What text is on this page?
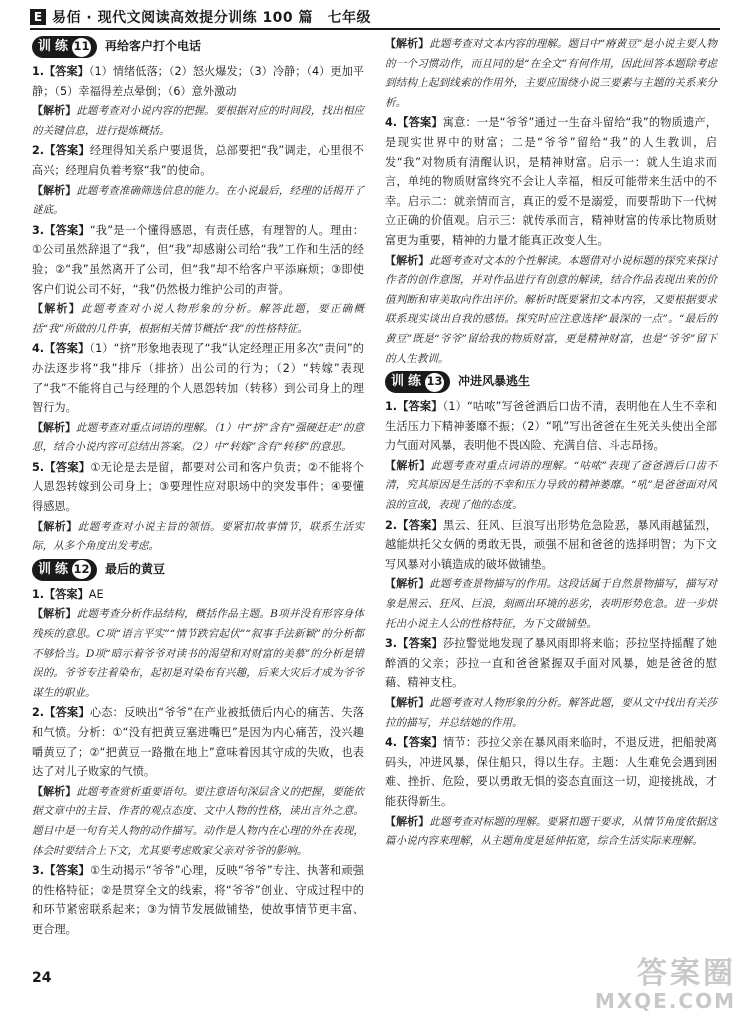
E 易佰 · 现代文阅读高效提分训练 100 篇　七年级
训 练 11 再给客户打个电话

1.【答案】（1）情绪低落；（2）怒火爆发；（3）冷静；（4）更加平静；（5）幸福得差点晕倒；（6）意外激动

【解析】此题考查对小说内容的把握。要根据对应的时间段，找出相应的关键信息，进行提炼概括。

2.【答案】经理得知关系户要退货，总部要把“我”调走，心里很不高兴；经理肩负着考察“我”的使命。

【解析】此题考查准确筛选信息的能力。在小说最后，经理的话揭开了谜底。

3.【答案】“我”是一个懂得感恩，有责任感，有理智的人。理由：①公司虽然辞退了“我”，但“我”却感谢公司给“我”工作和生活的经验；②“我”虽然离开了公司，但“我”却不给客户平添麻烦；③即使客户们说公司不好，“我”仍然极力维护公司的声誉。

【解析】此题考查对小说人物形象的分析。解答此题，要正确概括“我”所做的几件事，根据相关情节概括“我”的性格特征。

4.【答案】（1）“挤”形象地表现了“我”认定经理正用多次“责问”的办法逐步将“我”排斥（排挤）出公司的行为；（2）“转嫁”表现了“我”不能将自己与经理的个人恩怨转加（转移）到公司身上的理智行为。

【解析】此题考查对重点词语的理解。（1）中“挤”含有“强硬赶走”的意思，结合小说内容可总结出答案。（2）中“转嫁”含有“转移”的意思。

5.【答案】①无论是去是留，都要对公司和客户负责；②不能将个人恩怨转嫁到公司身上；③要理性应对职场中的突发事件；④要懂得感恩。

【解析】此题考查对小说主旨的领悟。要紧扣故事情节，联系生活实际，从多个角度出发考虑。

训 练 12 最后的黄豆

1.【答案】AE

【解析】此题考查分析作品结构，概括作品主题。B项并没有形容身体残疾的意思。C项“语言平实”“情节跌宕起伏”“叙事手法新颖”的分析都不够恰当。D项“暗示着爷爷对读书的渴望和对财富的美慕”的分析是错误的。爷爷专注着染布，起初是对染布有兴趣，后来大灾后才成为爷爷谋生的职业。

2.【答案】心态：反映出“爷爷”在产业被抵债后内心的痛苦、失落和气愤。分析：①“没有把黄豆塞进嘴巴”是因为内心痛苦，没兴趣嚼黄豆了；②“把黄豆一路撒在地上”意味着因其守成的失败，也表达了对儿子败家的气愤。

【解析】此题考查赏析重要语句。要注意语句深层含义的把握，要能依据文章中的主旨、作者的观点态度、文中人物的性格，读出言外之意。题目中是一句有关人物的动作描写。动作是人物内在心理的外在表现，体会时要结合上下文，尤其要考虑败家父亲对爷爷的影响。

3.【答案】①生动揭示“爷爷”心理，反映“爷爷”专注、执著和顽强的性格特征；②是贯穿全文的线索，将“爷爷”创业、守成过程中的和环节紧密联系起来；③为情节发展做铺垫，使故事情节更丰富、更合理。

【解析】此题考查对文本内容的理解。题目中“瘠黄豆”是小说主要人物的一个习惯动作，而且同的是“在全文”有何作用，因此回答本题除考虑到结构上起到线索的作用外，主要应围绕小说三要素与主题的关系来分析。

4.【答案】寓意：一是“爷爷”通过一生奋斗留给“我”的物质遗产，是现实世界中的财富；二是“爷爷”留给“我”的人生教训，启发“我”对物质有清醒认识，是精神财富。启示一：就人生追求而言，单纯的物质财富终究不会让人幸福，相反可能带来生活中的不幸。启示二：就亲情而言，真正的爱不是溺爱，而要帮助下一代树立正确的价值观。启示三：就传承而言，精神财富的传承比物质财富更为重要，精神的力量才能真正改变人生。

【解析】此题考查对文本的个性解读。本题借对小说标题的探究来探讨作者的创作意图，并对作品进行有创意的解读，结合作品表现出来的价值判断和审美取向作出评价。解析时既要紧扣文本内容，又要根据要求联系现实谈出自我的感悟。探究时应注意选择“最深的一点”。“最后的黄豆”既是“爷爷”留给我的物质财富，更是精神财富，也是“爷爷”留下的人生教训。

训 练 13 冲进风暴逃生

1.【答案】（1）“咕哝”写爸爸酒后口齿不清，表明他在人生不幸和生活压力下精神萎靡不振；（2）“吼”写出爸爸在生死关头使出全部力气面对风暴，表明他不畏凶险、充满自信、斗志昂扬。

【解析】此题考查对重点词语的理解。“咕哝”表现了爸爸酒后口齿不清，究其原因是生活的不幸和压力导致的精神萎靡。“吼”是爸爸面对风浪的宣战，表现了他的态度。

2.【答案】黑云、狂风、巨浪写出形势危急险恶，暴风雨越猛烈，越能烘托父女俩的勇敢无畏，顽强不屈和爸爸的选择明智；为下文写风暴对小镇造成的破坏做铺垫。

【解析】此题考查景物描写的作用。这段话属于自然景物描写，描写对象是黑云、狂风、巨浪，刻画出环境的恶劣，表明形势危急。进一步烘托出小说主人公的性格特征，为下文做铺垫。

3.【答案】莎拉警觉地发现了暴风雨即将来临；莎拉坚持摇醒了她醉酒的父亲；莎拉一直和爸爸紧握双手面对风暴，她是爸爸的慰藉、精神支柱。

【解析】此题考查对人物形象的分析。解答此题，要从文中找出有关莎拉的描写，并总结她的作用。

4.【答案】情节：莎拉父亲在暴风雨来临时，不退反进，把船驶离码头，冲进风暴，保住船只，得以生存。主题：人生难免会遇到困难、挫折、危险，要以勇敢无惧的姿态直面这一切，迎接挑战，才能获得新生。

【解析】此题考查对标题的理解。要紧扣题干要求，从情节角度依据这篇小说内容来理解，从主题角度是延伸拓宽，综合生活实际来理解。

24	答案圈
MXQE.COM
